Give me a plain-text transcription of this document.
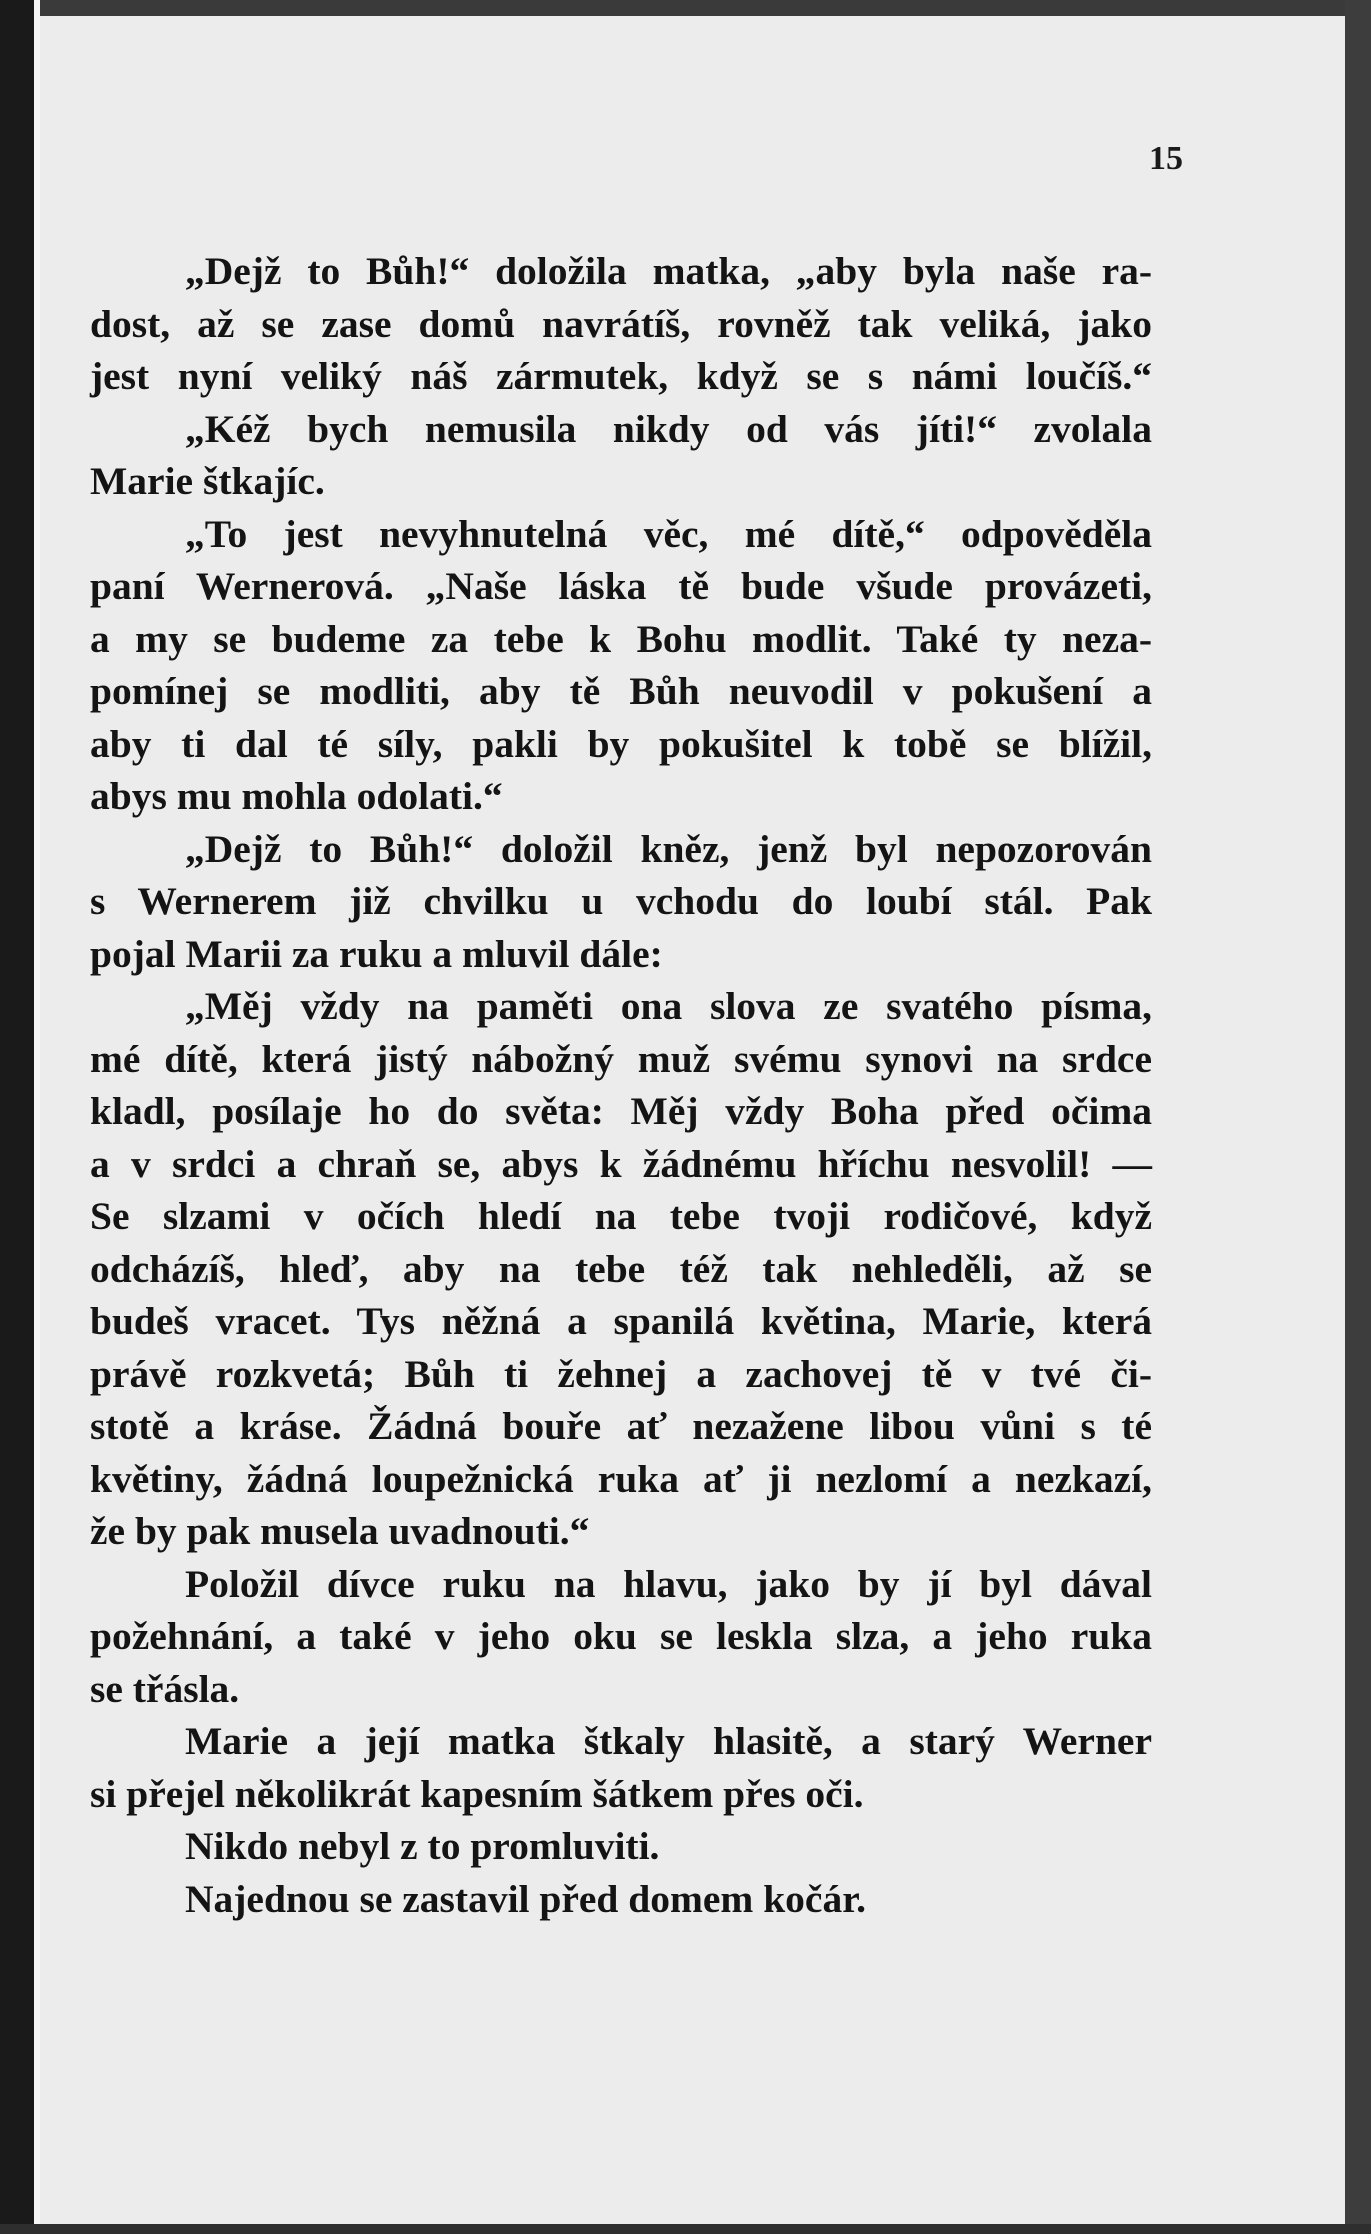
15
„Dejž to Bůh!“ doložila matka, „aby byla naše ra-
dost, až se zase domů navrátíš, rovněž tak veliká, jako
jest nyní veliký náš zármutek, když se s námi loučíš.“
„Kéž bych nemusila nikdy od vás jíti!“ zvolala
Marie štkajíc.
„To jest nevyhnutelná věc, mé dítě,“ odpověděla
paní Wernerová. „Naše láska tě bude všude provázeti,
a my se budeme za tebe k Bohu modlit. Také ty neza-
pomínej se modliti, aby tě Bůh neuvodil v pokušení a
aby ti dal té síly, pakli by pokušitel k tobě se blížil,
abys mu mohla odolati.“
„Dejž to Bůh!“ doložil kněz, jenž byl nepozorován
s Wernerem již chvilku u vchodu do loubí stál. Pak
pojal Marii za ruku a mluvil dále:
„Měj vždy na paměti ona slova ze svatého písma,
mé dítě, která jistý nábožný muž svému synovi na srdce
kladl, posílaje ho do světa: Měj vždy Boha před očima
a v srdci a chraň se, abys k žádnému hříchu nesvolil! —
Se slzami v očích hledí na tebe tvoji rodičové, když
odcházíš, hleď, aby na tebe též tak nehleděli, až se
budeš vracet. Tys něžná a spanilá květina, Marie, která
právě rozkvetá; Bůh ti žehnej a zachovej tě v tvé či-
stotě a kráse. Žádná bouře ať nezažene libou vůni s té
květiny, žádná loupežnická ruka ať ji nezlomí a nezkazí,
že by pak musela uvadnouti.“
Položil dívce ruku na hlavu, jako by jí byl dával
požehnání, a také v jeho oku se leskla slza, a jeho ruka
se třásla.
Marie a její matka štkaly hlasitě, a starý Werner
si přejel několikrát kapesním šátkem přes oči.
Nikdo nebyl z to promluviti.
Najednou se zastavil před domem kočár.
